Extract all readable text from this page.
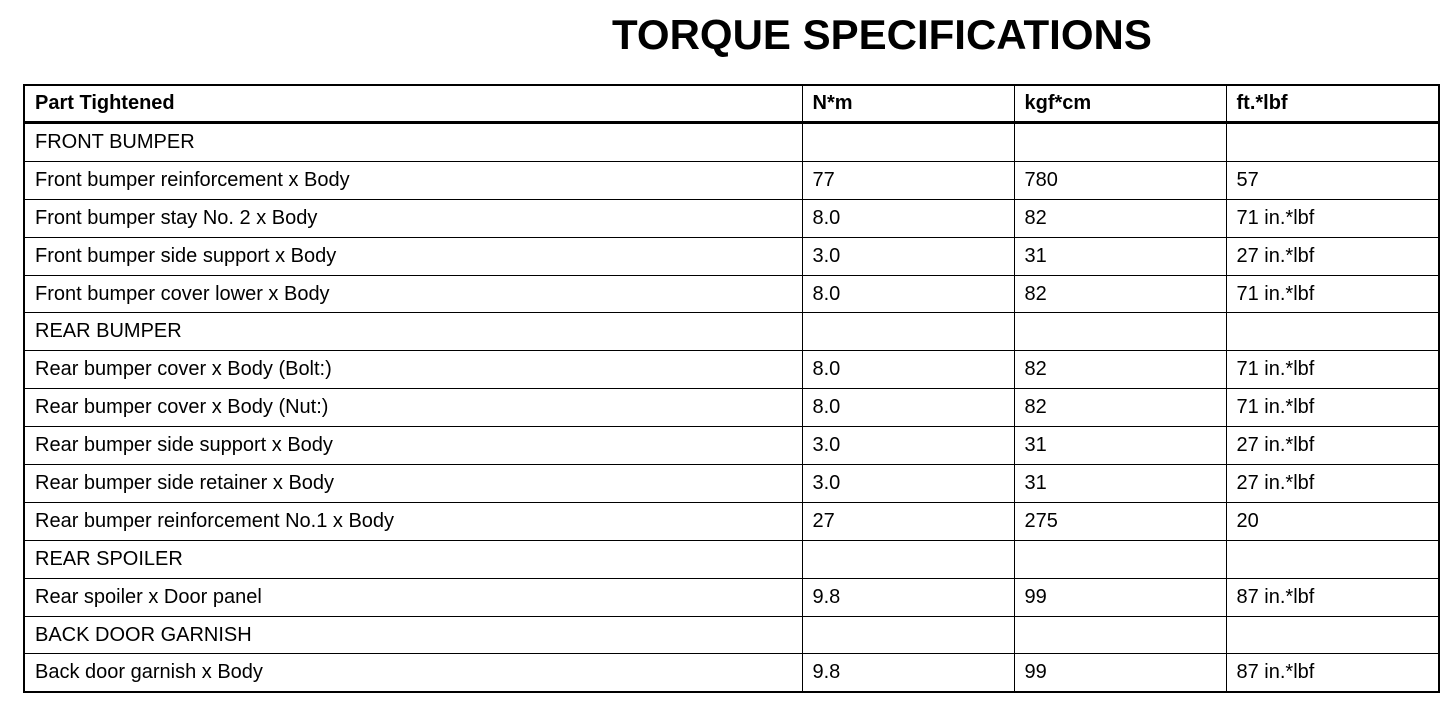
TORQUE SPECIFICATIONS
Part Tightened	N*m	kgf*cm	ft.*lbf
FRONT BUMPER			
Front bumper reinforcement x Body	77	780	57
Front bumper stay No. 2 x Body	8.0	82	71 in.*lbf
Front bumper side support x Body	3.0	31	27 in.*lbf
Front bumper cover lower x Body	8.0	82	71 in.*lbf
REAR BUMPER			
Rear bumper cover x Body (Bolt:)	8.0	82	71 in.*lbf
Rear bumper cover x Body (Nut:)	8.0	82	71 in.*lbf
Rear bumper side support x Body	3.0	31	27 in.*lbf
Rear bumper side retainer x Body	3.0	31	27 in.*lbf
Rear bumper reinforcement No.1 x Body	27	275	20
REAR SPOILER			
Rear spoiler x Door panel	9.8	99	87 in.*lbf
BACK DOOR GARNISH			
Back door garnish x Body	9.8	99	87 in.*lbf
